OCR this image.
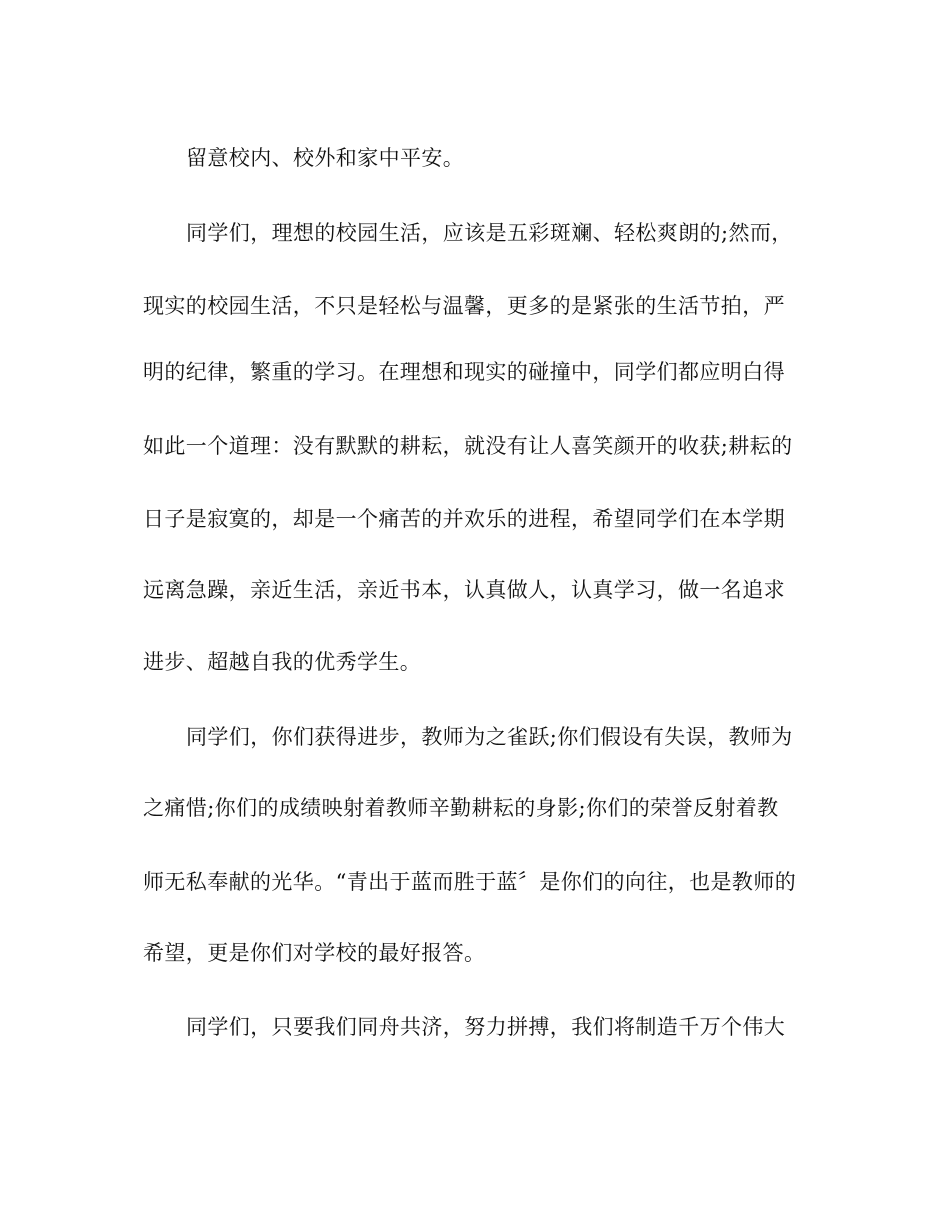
留意校内、校外和家中平安。
同学们，理想的校园生活，应该是五彩斑斓、轻松爽朗的;然而，
现实的校园生活，不只是轻松与温馨，更多的是紧张的生活节拍，严
明的纪律，繁重的学习。在理想和现实的碰撞中，同学们都应明白得
如此一个道理：没有默默的耕耘，就没有让人喜笑颜开的收获;耕耘的
日子是寂寞的，却是一个痛苦的并欢乐的进程，希望同学们在本学期
远离急躁，亲近生活，亲近书本，认真做人，认真学习，做一名追求
进步、超越自我的优秀学生。
同学们，你们获得进步，教师为之雀跃;你们假设有失误，教师为
之痛惜;你们的成绩映射着教师辛勤耕耘的身影;你们的荣誉反射着教
师无私奉献的光华。“青出于蓝而胜于蓝〞是你们的向往，也是教师的
希望，更是你们对学校的最好报答。
同学们，只要我们同舟共济，努力拼搏，我们将制造千万个伟大
